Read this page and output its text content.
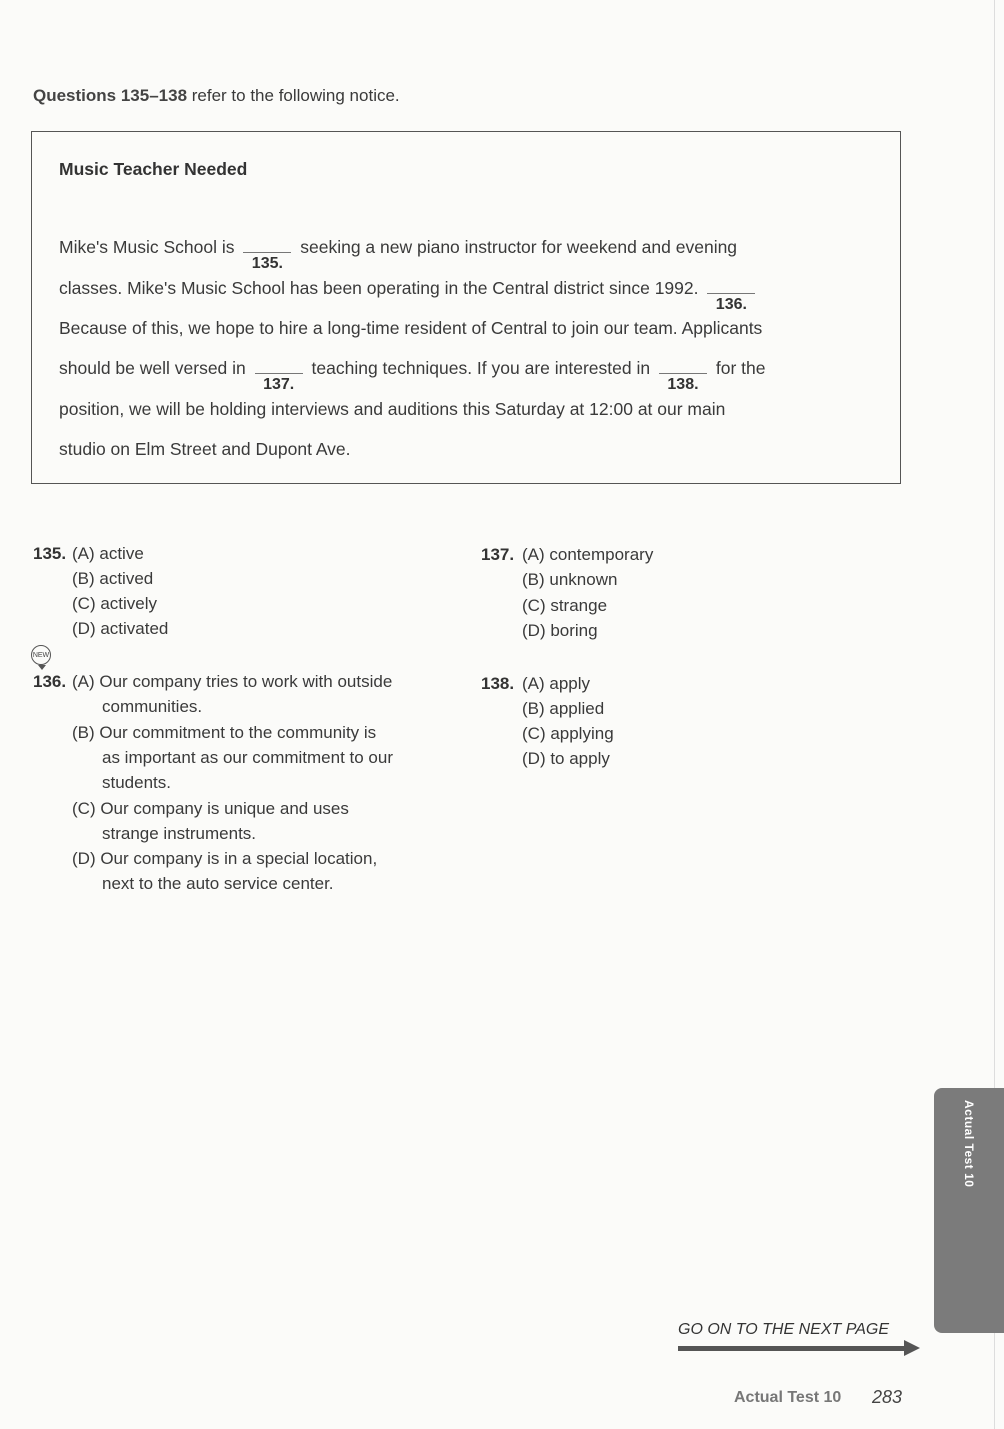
Questions 135–138 refer to the following notice.
Music Teacher Needed
Mike's Music School is
135.
seeking a new piano instructor for weekend and evening
classes. Mike's Music School has been operating in the Central district since 1992.
136.
Because of this, we hope to hire a long-time resident of Central to join our team. Applicants
should be well versed in
137.
teaching techniques. If you are interested in
138.
for the
position, we will be holding interviews and auditions this Saturday at 12:00 at our main
studio on Elm Street and Dupont Ave.
135. (A) active
(B) actived
(C) actively
(D) activated
NEW
136. (A) Our company tries to work with outside
communities.
(B) Our commitment to the community is
as important as our commitment to our
students.
(C) Our company is unique and uses
strange instruments.
(D) Our company is in a special location,
next to the auto service center.
137. (A) contemporary
(B) unknown
(C) strange
(D) boring
138. (A) apply
(B) applied
(C) applying
(D) to apply
Actual Test 10
GO ON TO THE NEXT PAGE
Actual Test 10 283
